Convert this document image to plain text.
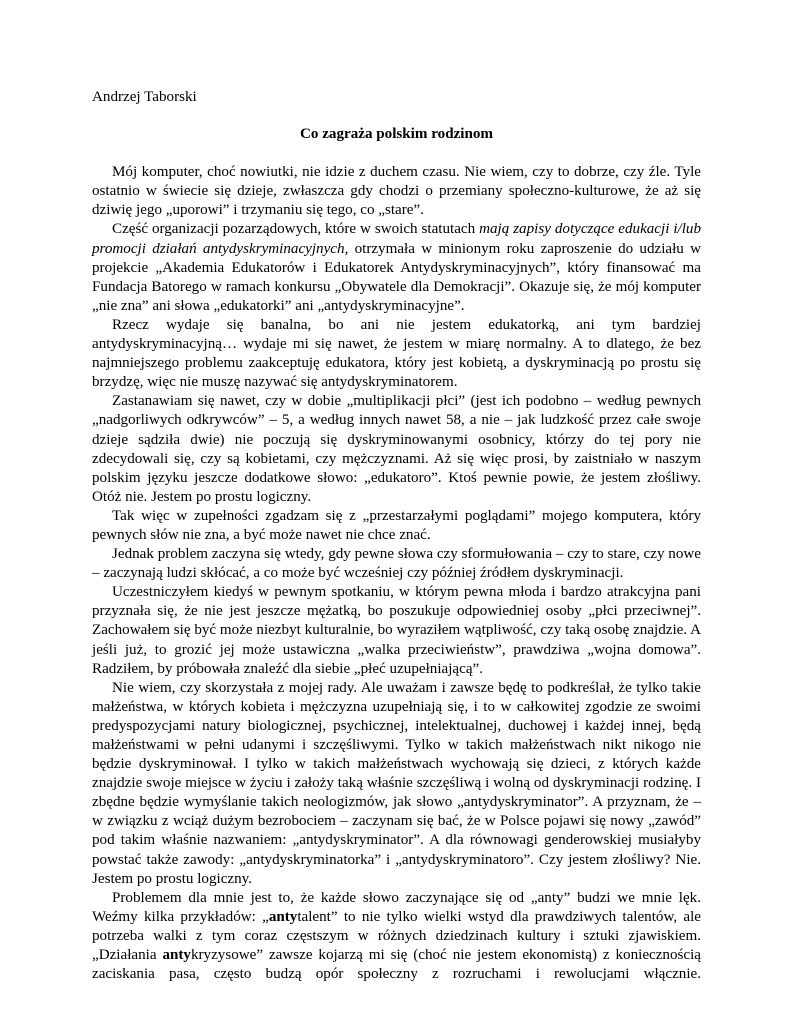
Andrzej Taborski

Co zagraża polskim rodzinom

Mój komputer, choć nowiutki, nie idzie z duchem czasu. Nie wiem, czy to dobrze, czy źle. Tyle ostatnio w świecie się dzieje, zwłaszcza gdy chodzi o przemiany społeczno-kulturowe, że aż się dziwię jego „uporowi” i trzymaniu się tego, co „stare”.

Część organizacji pozarządowych, które w swoich statutach mają zapisy dotyczące edukacji i/lub promocji działań antydyskryminacyjnych, otrzymała w minionym roku zaproszenie do udziału w projekcie „Akademia Edukatorów i Edukatorek Antydyskryminacyjnych”, który finansować ma Fundacja Batorego w ramach konkursu „Obywatele dla Demokracji”. Okazuje się, że mój komputer „nie zna” ani słowa „edukatorki” ani „antydyskryminacyjne”.

Rzecz wydaje się banalna, bo ani nie jestem edukatorką, ani tym bardziej antydyskryminacyjną… wydaje mi się nawet, że jestem w miarę normalny. A to dlatego, że bez najmniejszego problemu zaakceptuję edukatora, który jest kobietą, a dyskryminacją po prostu się brzydzę, więc nie muszę nazywać się antydyskryminatorem.

Zastanawiam się nawet, czy w dobie „multiplikacji płci” (jest ich podobno – według pewnych „nadgorliwych odkrywców” – 5, a według innych nawet 58, a nie – jak ludzkość przez całe swoje dzieje sądziła dwie) nie poczują się dyskryminowanymi osobnicy, którzy do tej pory nie zdecydowali się, czy są kobietami, czy mężczyznami. Aż się więc prosi, by zaistniało w naszym polskim języku jeszcze dodatkowe słowo: „edukatoro”. Ktoś pewnie powie, że jestem złośliwy. Otóż nie. Jestem po prostu logiczny.

Tak więc w zupełności zgadzam się z „przestarzałymi poglądami” mojego komputera, który pewnych słów nie zna, a być może nawet nie chce znać.

Jednak problem zaczyna się wtedy, gdy pewne słowa czy sformułowania – czy to stare, czy nowe – zaczynają ludzi skłócać, a co może być wcześniej czy później źródłem dyskryminacji.

Uczestniczyłem kiedyś w pewnym spotkaniu, w którym pewna młoda i bardzo atrakcyjna pani przyznała się, że nie jest jeszcze mężatką, bo poszukuje odpowiedniej osoby „płci przeciwnej”. Zachowałem się być może niezbyt kulturalnie, bo wyraziłem wątpliwość, czy taką osobę znajdzie. A jeśli już, to grozić jej może ustawiczna „walka przeciwieństw”, prawdziwa „wojna domowa”. Radziłem, by próbowała znaleźć dla siebie „płeć uzupełniającą”.

Nie wiem, czy skorzystała z mojej rady. Ale uważam i zawsze będę to podkreślał, że tylko takie małżeństwa, w których kobieta i mężczyzna uzupełniają się, i to w całkowitej zgodzie ze swoimi predyspozycjami natury biologicznej, psychicznej, intelektualnej, duchowej i każdej innej, będą małżeństwami w pełni udanymi i szczęśliwymi. Tylko w takich małżeństwach nikt nikogo nie będzie dyskryminował. I tylko w takich małżeństwach wychowają się dzieci, z których każde znajdzie swoje miejsce w życiu i założy taką właśnie szczęśliwą i wolną od dyskryminacji rodzinę. I zbędne będzie wymyślanie takich neologizmów, jak słowo „antydyskryminator”. A przyznam, że – w związku z wciąż dużym bezrobociem – zaczynam się bać, że w Polsce pojawi się nowy „zawód” pod takim właśnie nazwaniem: „antydyskryminator”. A dla równowagi genderowskiej musiałyby powstać także zawody: „antydyskryminatorka” i „antydyskryminatoro”. Czy jestem złośliwy? Nie. Jestem po prostu logiczny.

Problemem dla mnie jest to, że każde słowo zaczynające się od „anty” budzi we mnie lęk. Weźmy kilka przykładów: „antytalent” to nie tylko wielki wstyd dla prawdziwych talentów, ale potrzeba walki z tym coraz częstszym w różnych dziedzinach kultury i sztuki zjawiskiem. „Działania antykryzysowe” zawsze kojarzą mi się (choć nie jestem ekonomistą) z koniecznością zaciskania pasa, często budzą opór społeczny z rozruchami i rewolucjami włącznie.
